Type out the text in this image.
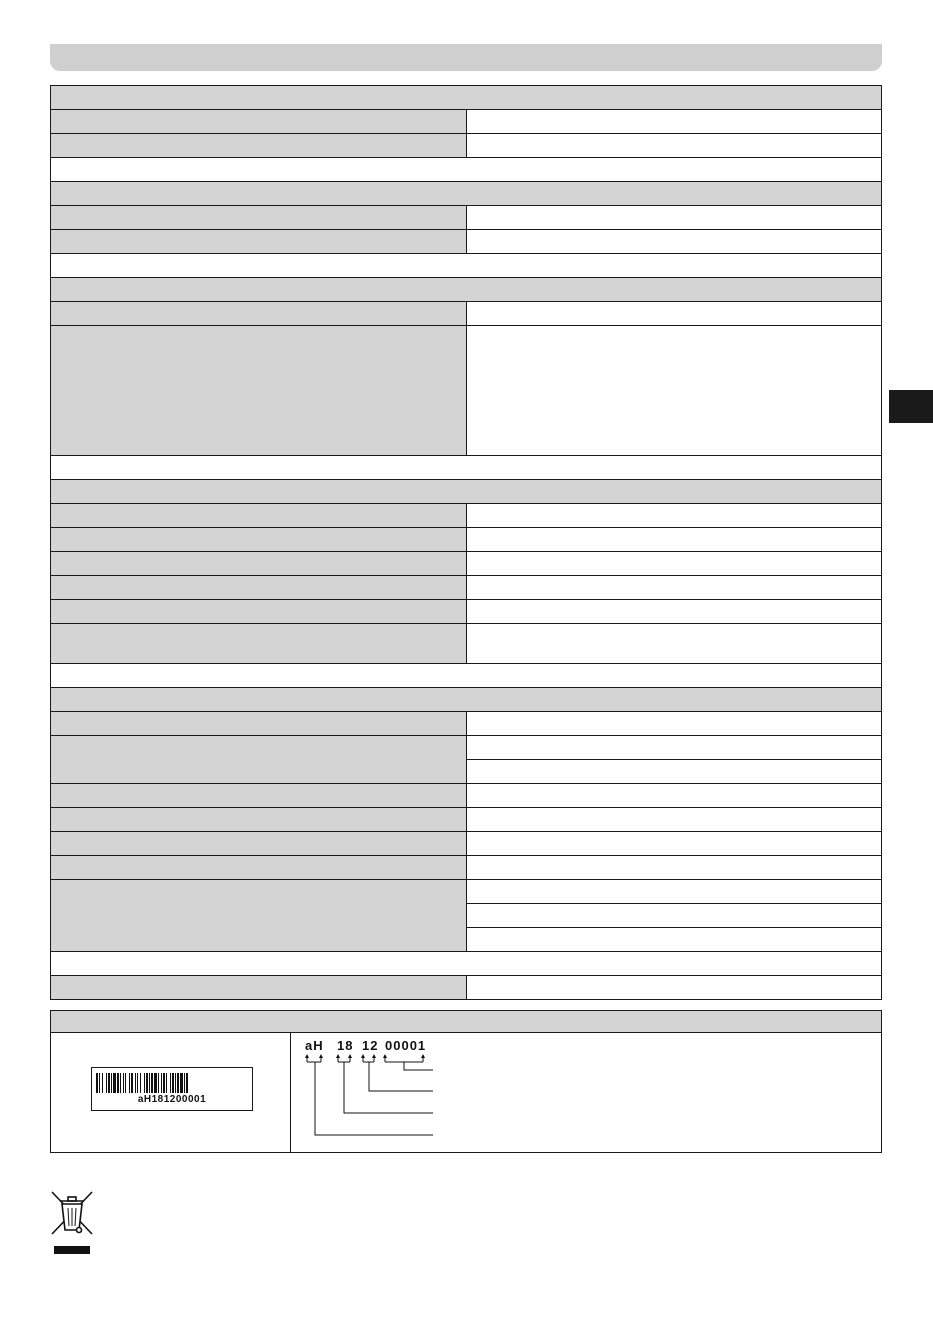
aH181200001
aH 18 12 00001
